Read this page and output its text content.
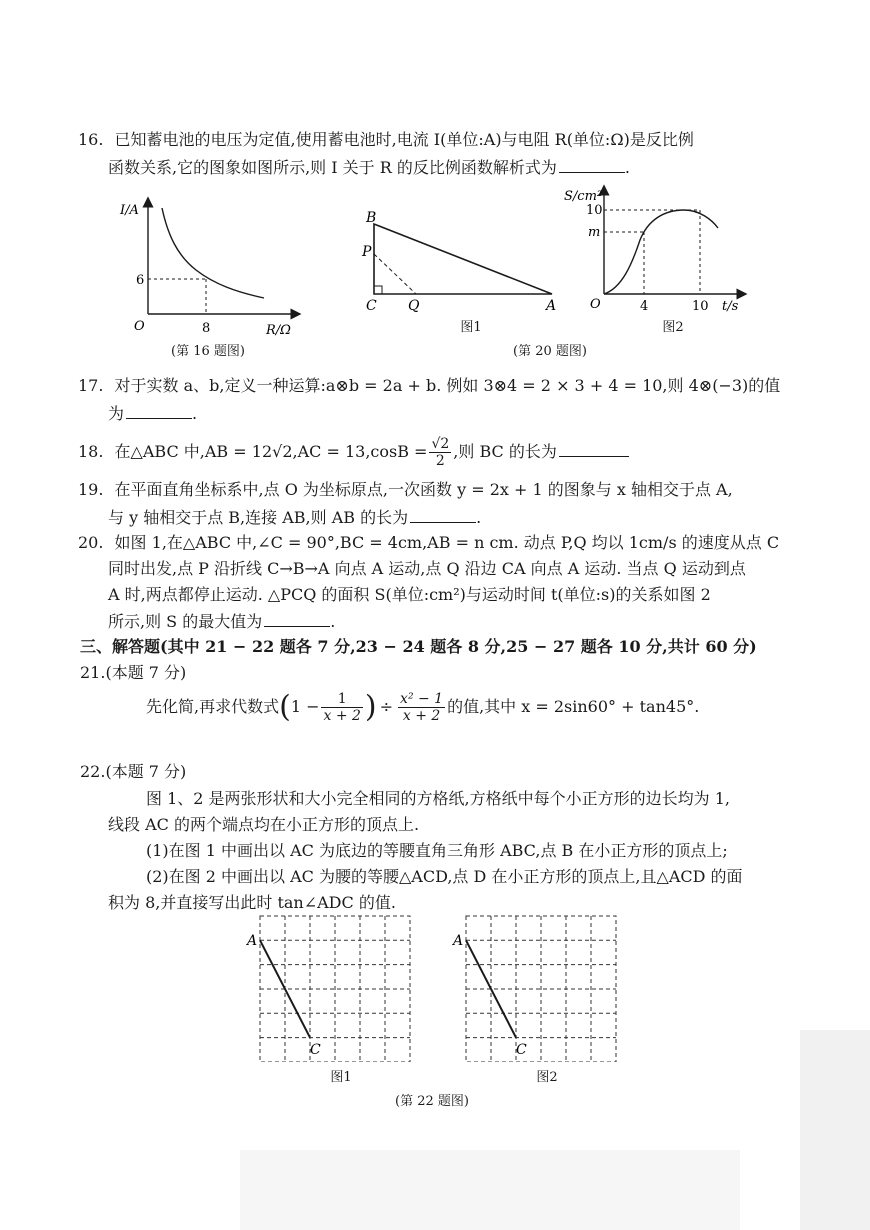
16. 已知蓄电池的电压为定值,使用蓄电池时,电流 I(单位:A)与电阻 R(单位:Ω)是反比例
函数关系,它的图象如图所示,则 I 关于 R 的反比例函数解析式为	.
I/A
R/Ω
O
6
8
(第 16 题图)
B
P
C Q	A
图1
S/cm²
t/s
O
10
m
4	10
图2
(第 20 题图)
17. 对于实数 a、b,定义一种运算:a⊗b = 2a + b. 例如 3⊗4 = 2 × 3 + 4 = 10,则 4⊗(−3)的值
为	.
18. 在△ABC 中$,AB = 12√2,AC = 13,\cos B = \frac{√2}{2}$ ,则 BC 的长为
19. 在平面直角坐标系中,点 O 为坐标原点,一次函数 y = 2x + 1 的图象与 x 轴相交于点 A,
与 y 轴相交于点 B,连接 AB,则 AB 的长为	.
20. 如图 1,在△ABC 中,∠C = 90°,BC = 4cm,AB = n cm. 动点 P,Q 均以 1cm/s 的速度从点 C
同时出发,点 P 沿折线 C→B→A 向点 A 运动,点 Q 沿边 CA 向点 A 运动. 当点 Q 运动到点
A 时,两点都停止运动. △PCQ 的面积 S(单位:cm²)与运动时间 t(单位:s)的关系如图 2
所示,则 S 的最大值为	.
三、解答题(其中 21 − 22 题各 7 分,23 − 24 题各 8 分,25 − 27 题各 10 分,共计 60 分)
21.(本题 7 分)
先化简,再求代数式($1 - \frac{1}{x + 2}$ ) ÷ $\frac{\text{x² − 1}}{x + 2}$ 的值,其中 x = 2sin60° + tan45°.
22.(本题 7 分)
图 1、2 是两张形状和大小完全相同的方格纸,方格纸中每个小正方形的边长均为 1,
线段 AC 的两个端点均在小正方形的顶点上.
(1)在图 1 中画出以 AC 为底边的等腰直角三角形 ABC,点 B 在小正方形的顶点上;
(2)在图 2 中画出以 AC 为腰的等腰△ACD,点 D 在小正方形的顶点上,且△ACD 的面
积为 8,并直接写出此时 tan∠ADC 的值.
A
C
图1
A
C
图2
(第 22 题图)
